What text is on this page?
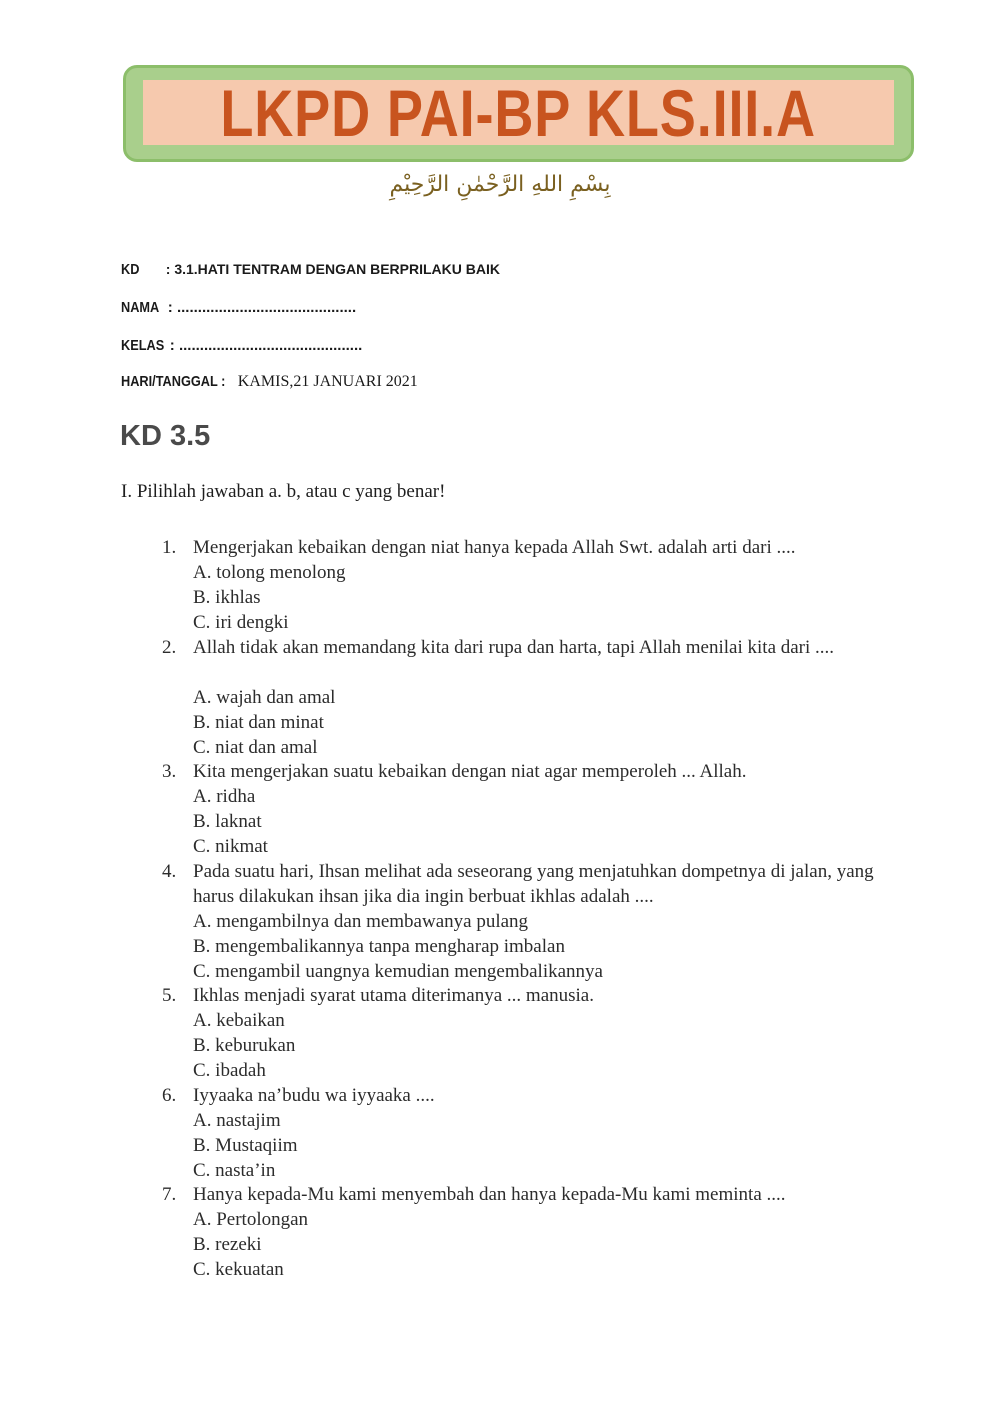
LKPD PAI-BP KLS.III.A
بِسْمِ اللهِ الرَّحْمٰنِ الرَّحِيْمِ
KD : 3.1.HATI TENTRAM DENGAN BERPRILAKU BAIK
NAMA : ...........................................
KELAS : ............................................
HARI/TANGGAL : KAMIS,21 JANUARI 2021
KD 3.5
I. Pilihlah jawaban a. b, atau c yang benar!
1. Mengerjakan kebaikan dengan niat hanya kepada Allah Swt. adalah arti dari ....
A. tolong menolong
B. ikhlas
C. iri dengki
2. Allah tidak akan memandang kita dari rupa dan harta, tapi Allah menilai kita dari ....
A. wajah dan amal
B. niat dan minat
C. niat dan amal
3. Kita mengerjakan suatu kebaikan dengan niat agar memperoleh ... Allah.
A. ridha
B. laknat
C. nikmat
4. Pada suatu hari, Ihsan melihat ada seseorang yang menjatuhkan dompetnya di jalan, yang harus dilakukan ihsan jika dia ingin berbuat ikhlas adalah ....
A. mengambilnya dan membawanya pulang
B. mengembalikannya tanpa mengharap imbalan
C. mengambil uangnya kemudian mengembalikannya
5. Ikhlas menjadi syarat utama diterimanya ... manusia.
A. kebaikan
B. keburukan
C. ibadah
6. Iyyaaka na’budu wa iyyaaka ....
A. nastajim
B. Mustaqiim
C. nasta’in
7. Hanya kepada-Mu kami menyembah dan hanya kepada-Mu kami meminta ....
A. Pertolongan
B. rezeki
C. kekuatan
